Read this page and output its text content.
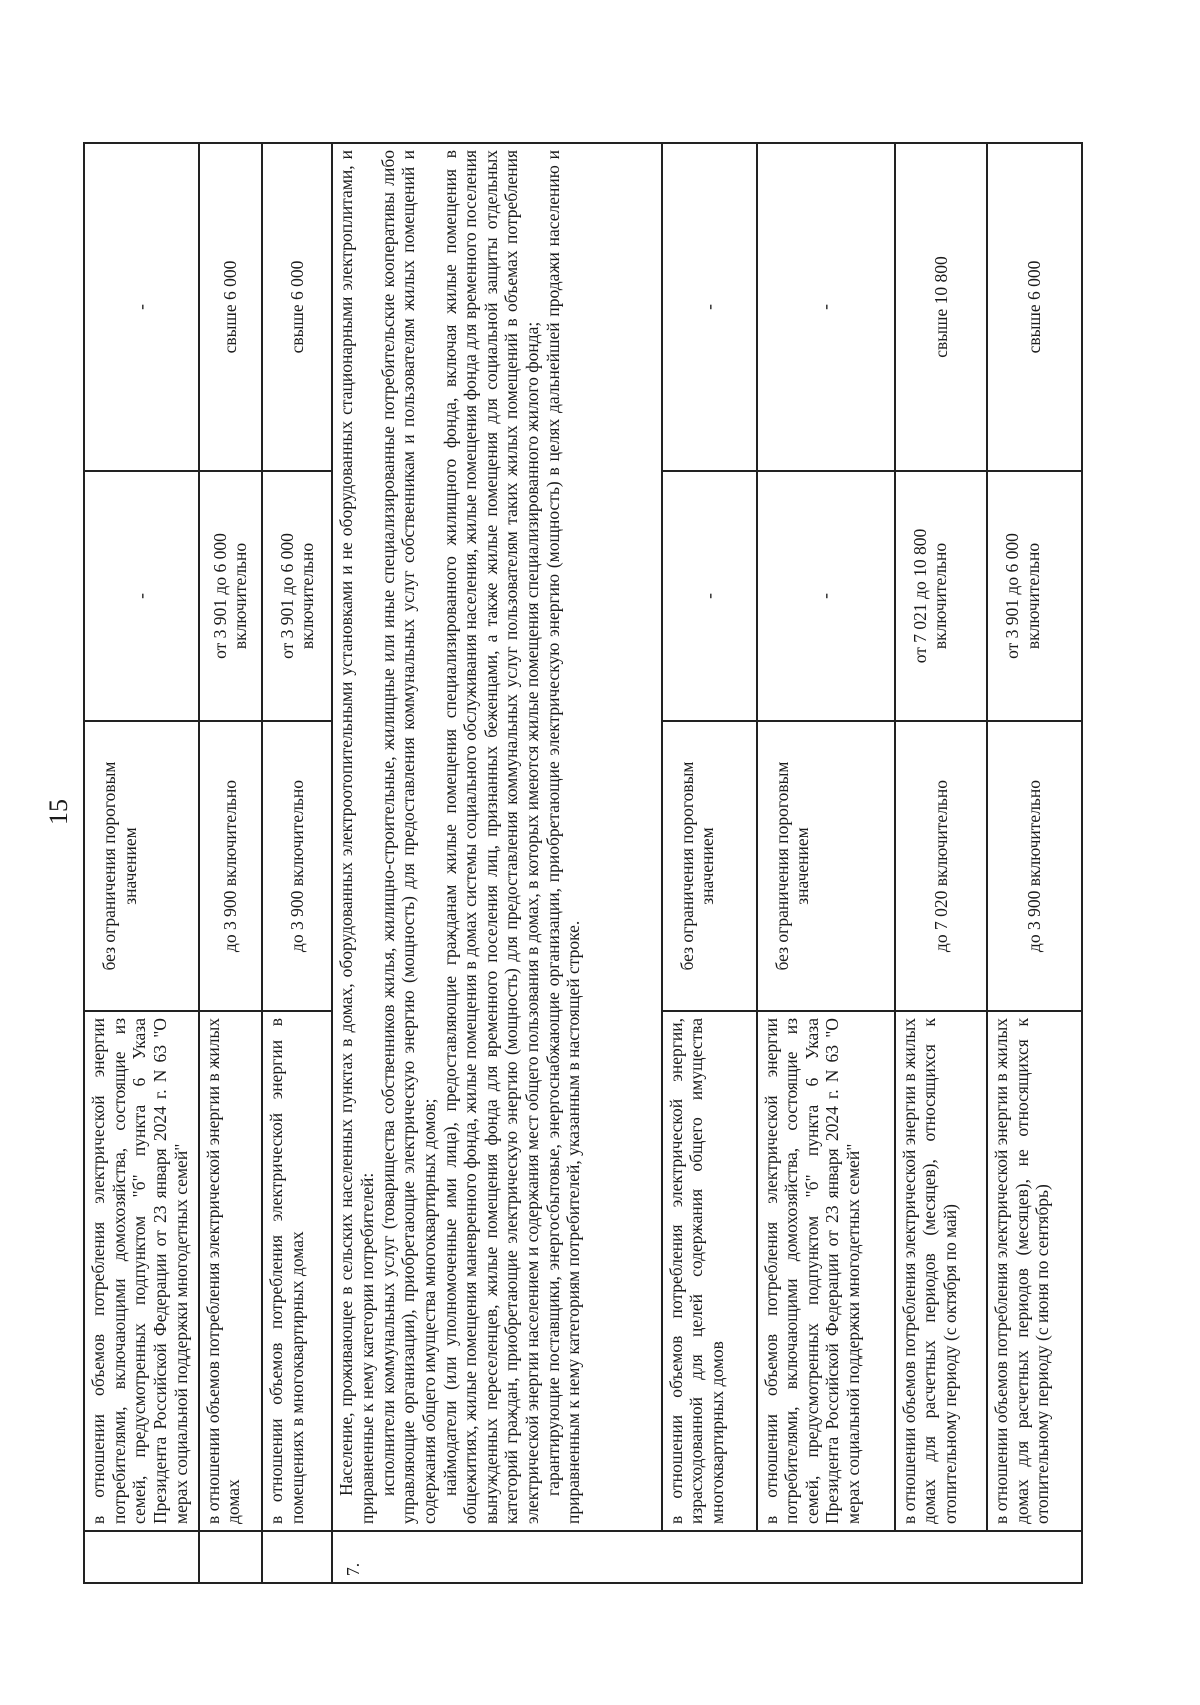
15
	в отношении объемов потребления электрической энергии потребителями, включающими домохозяйства, состоящие из семей, предусмотренных подпунктом "б" пункта 6 Указа Президента Российской Федерации от 23 января 2024 г. N 63 "О мерах социальной поддержки многодетных семей"	без ограничения пороговым значением	-	-
	в отношении объемов потребления электрической энергии в жилых домах	до 3 900 включительно	от 3 901 до 6 000 включительно	свыше 6 000
	в отношении объемов потребления электрической энергии в помещениях в многоквартирных домах	до 3 900 включительно	от 3 901 до 6 000 включительно	свыше 6 000
7.	Население, проживающее в сельских населенных пунктах в домах, оборудованных электроотопительными установками и не оборудованных стационарными электроплитами, и приравненные к нему категории потребителей: исполнители коммунальных услуг (товарищества собственников жилья, жилищно-строительные, жилищные или иные специализированные потребительские кооперативы либо управляющие организации), приобретающие электрическую энергию (мощность) для предоставления коммунальных услуг собственникам и пользователям жилых помещений и содержания общего имущества многоквартирных домов; наймодатели (или уполномоченные ими лица), предоставляющие гражданам жилые помещения специализированного жилищного фонда, включая жилые помещения в общежитиях, жилые помещения маневренного фонда, жилые помещения в домах системы социального обслуживания населения, жилые помещения фонда для временного поселения вынужденных переселенцев, жилые помещения фонда для временного поселения лиц, признанных беженцами, а также жилые помещения для социальной защиты отдельных категорий граждан, приобретающие электрическую энергию (мощность) для предоставления коммунальных услуг пользователям таких жилых помещений в объемах потребления электрической энергии населением и содержания мест общего пользования в домах, в которых имеются жилые помещения специализированного жилого фонда; гарантирующие поставщики, энергосбытовые, энергоснабжающие организации, приобретающие электрическую энергию (мощность) в целях дальнейшей продажи населению и приравненным к нему категориям потребителей, указанным в настоящей строке.			

	в отношении объемов потребления электрической энергии, израсходованной для целей содержания общего имущества многоквартирных домов	без ограничения пороговым значением	-	-
	в отношении объемов потребления электрической энергии потребителями, включающими домохозяйства, состоящие из семей, предусмотренных подпунктом "б" пункта 6 Указа Президента Российской Федерации от 23 января 2024 г. N 63 "О мерах социальной поддержки многодетных семей"	без ограничения пороговым значением	-	-
	в отношении объемов потребления электрической энергии в жилых домах для расчетных периодов (месяцев), относящихся к отопительному периоду (с октября по май)	до 7 020 включительно	от 7 021 до 10 800 включительно	свыше 10 800
	в отношении объемов потребления электрической энергии в жилых домах для расчетных периодов (месяцев), не относящихся к отопительному периоду (с июня по сентябрь)	до 3 900 включительно	от 3 901 до 6 000 включительно	свыше 6 000
